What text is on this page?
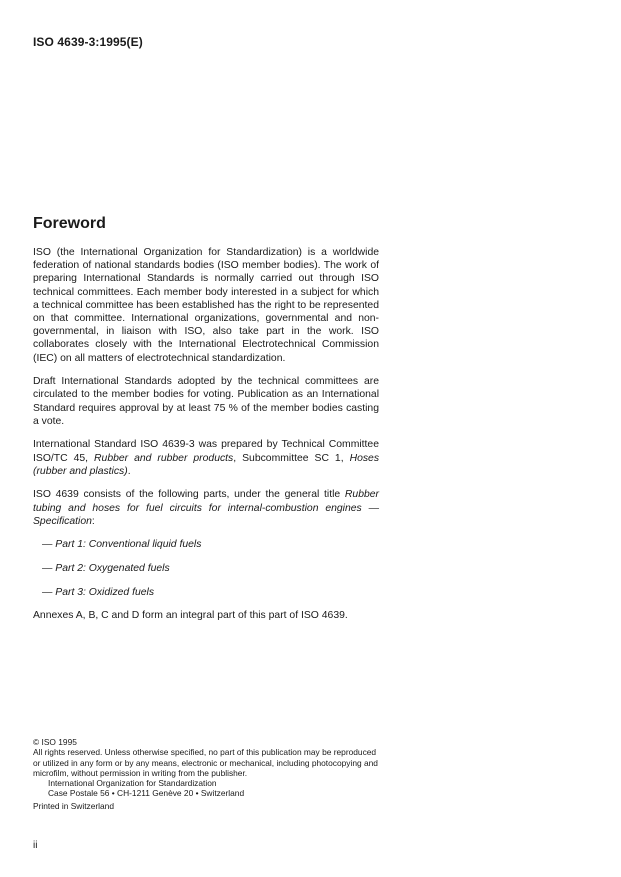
ISO 4639-3:1995(E)
Foreword

ISO (the International Organization for Standardization) is a worldwide federation of national standards bodies (ISO member bodies). The work of preparing International Standards is normally carried out through ISO technical committees. Each member body interested in a subject for which a technical committee has been established has the right to be represented on that committee. International organizations, governmental and non-governmental, in liaison with ISO, also take part in the work. ISO collaborates closely with the International Electrotechnical Commission (IEC) on all matters of electrotechnical standardization.

Draft International Standards adopted by the technical committees are circulated to the member bodies for voting. Publication as an International Standard requires approval by at least 75 % of the member bodies casting a vote.

International Standard ISO 4639-3 was prepared by Technical Committee ISO/TC 45, Rubber and rubber products, Subcommittee SC 1, Hoses (rubber and plastics).

ISO 4639 consists of the following parts, under the general title Rubber tubing and hoses for fuel circuits for internal-combustion engines — Specification:

— Part 1: Conventional liquid fuels
— Part 2: Oxygenated fuels
— Part 3: Oxidized fuels

Annexes A, B, C and D form an integral part of this part of ISO 4639.

© ISO 1995

All rights reserved. Unless otherwise specified, no part of this publication may be reproduced or utilized in any form or by any means, electronic or mechanical, including photocopying and microfilm, without permission in writing from the publisher.

International Organization for Standardization

Case Postale 56 • CH-1211 Genève 20 • Switzerland

Printed in Switzerland

ii
